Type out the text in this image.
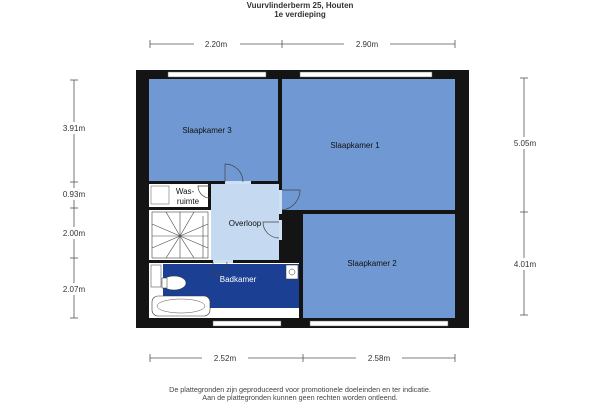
Vuurvlinderberm 25, Houten
1e verdieping
2.20m	2.90m
2.52m	2.58m
3.91m
0.93m
2.00m
2.07m
5.05m
4.01m
Slaapkamer 3
Slaapkamer 1
Slaapkamer 2
Overloop
Badkamer
Was-
ruimte
De plattegronden zijn geproduceerd voor promotionele doeleinden en ter indicatie.
Aan de plattegronden kunnen geen rechten worden ontleend.
